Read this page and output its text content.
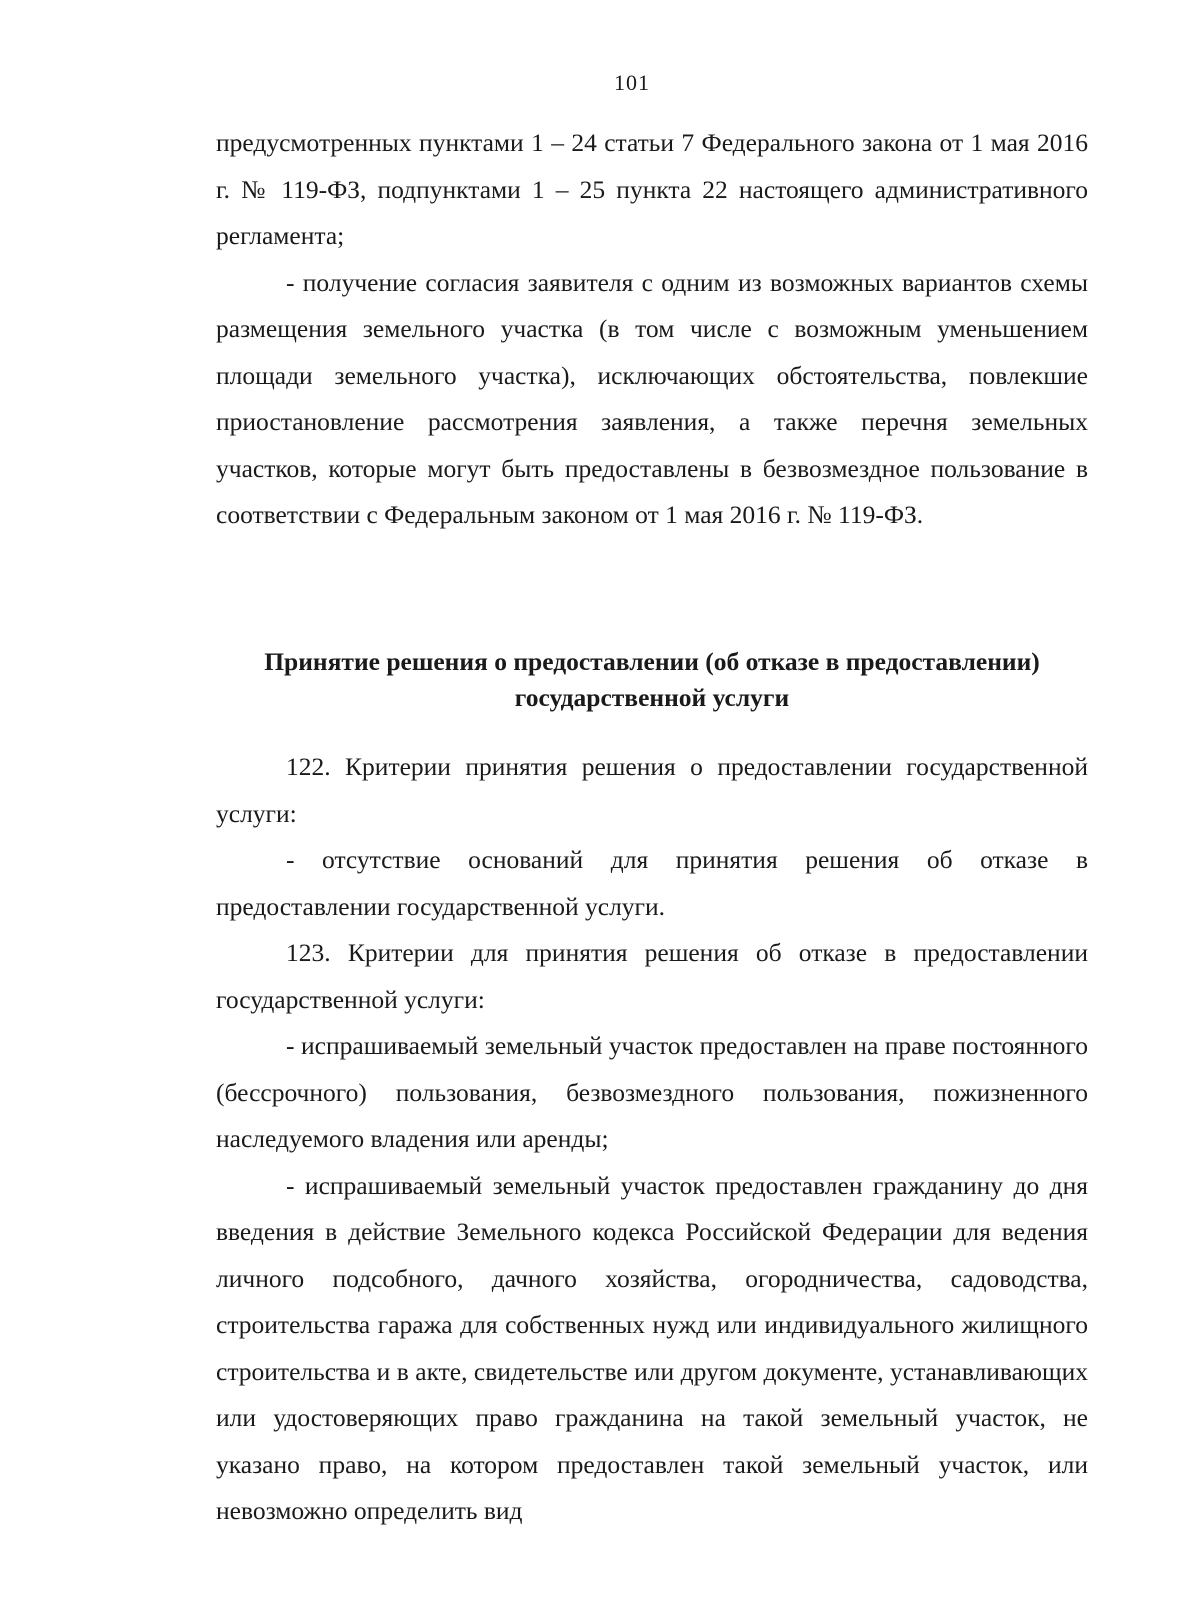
101

предусмотренных пунктами 1 – 24 статьи 7 Федерального закона от 1 мая 2016 г. № 119-ФЗ, подпунктами 1 – 25 пункта 22 настоящего административного регламента;

- получение согласия заявителя с одним из возможных вариантов схемы размещения земельного участка (в том числе с возможным уменьшением площади земельного участка), исключающих обстоятельства, повлекшие приостановление рассмотрения заявления, а также перечня земельных участков, которые могут быть предоставлены в безвозмездное пользование в соответствии с Федеральным законом от 1 мая 2016 г. № 119-ФЗ.

Принятие решения о предоставлении (об отказе в предоставлении)
государственной услуги

122. Критерии принятия решения о предоставлении государственной услуги:

- отсутствие оснований для принятия решения об отказе в предоставлении государственной услуги.

123. Критерии для принятия решения об отказе в предоставлении государственной услуги:

- испрашиваемый земельный участок предоставлен на праве постоянного (бессрочного) пользования, безвозмездного пользования, пожизненного наследуемого владения или аренды;

- испрашиваемый земельный участок предоставлен гражданину до дня введения в действие Земельного кодекса Российской Федерации для ведения личного подсобного, дачного хозяйства, огородничества, садоводства, строительства гаража для собственных нужд или индивидуального жилищного строительства и в акте, свидетельстве или другом документе, устанавливающих или удостоверяющих право гражданина на такой земельный участок, не указано право, на котором предоставлен такой земельный участок, или невозможно определить вид
